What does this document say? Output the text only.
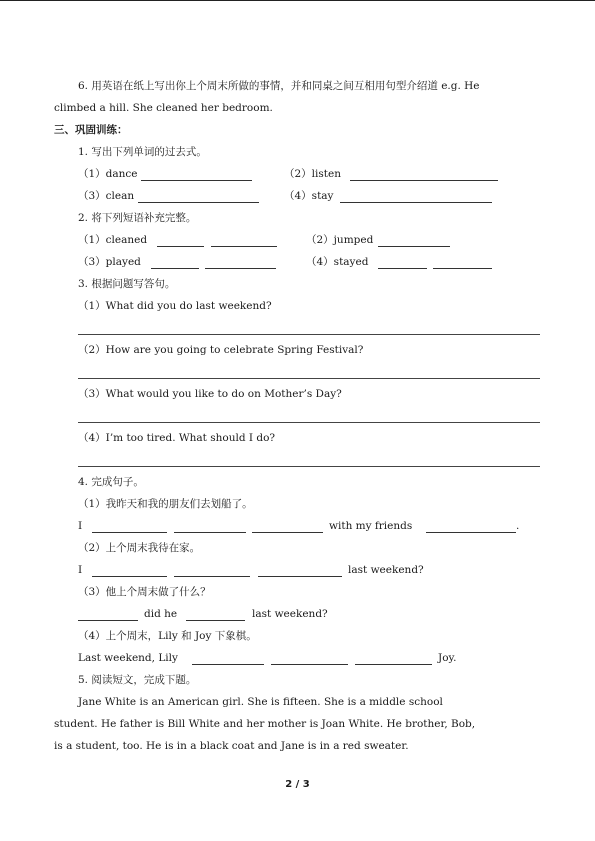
6. 用英语在纸上写出你上个周末所做的事情，并和同桌之间互相用句型介绍道 e.g. He
climbed a hill. She cleaned her bedroom.
三、巩固训练：
1. 写出下列单词的过去式。
（1）dance	（2）listen
（3）clean	（4）stay
2. 将下列短语补充完整。
（1）cleaned	（2）jumped
（3）played	（4）stayed
3. 根据问题写答句。
（1）What did you do last weekend?
（2）How are you going to celebrate Spring Festival?
（3）What would you like to do on Mother’s Day?
（4）I’m too tired. What should I do?
4. 完成句子。
（1）我昨天和我的朋友们去划船了。
I	with my friends	.
（2）上个周末我待在家。
I	last weekend?
（3）他上个周末做了什么？
did he	last weekend?
（4）上个周末，Lily 和 Joy 下象棋。
Last weekend, Lily	Joy.
5. 阅读短文，完成下题。
Jane White is an American girl. She is fifteen. She is a middle school
student. He father is Bill White and her mother is Joan White. He brother, Bob,
is a student, too. He is in a black coat and Jane is in a red sweater.
2 / 3
